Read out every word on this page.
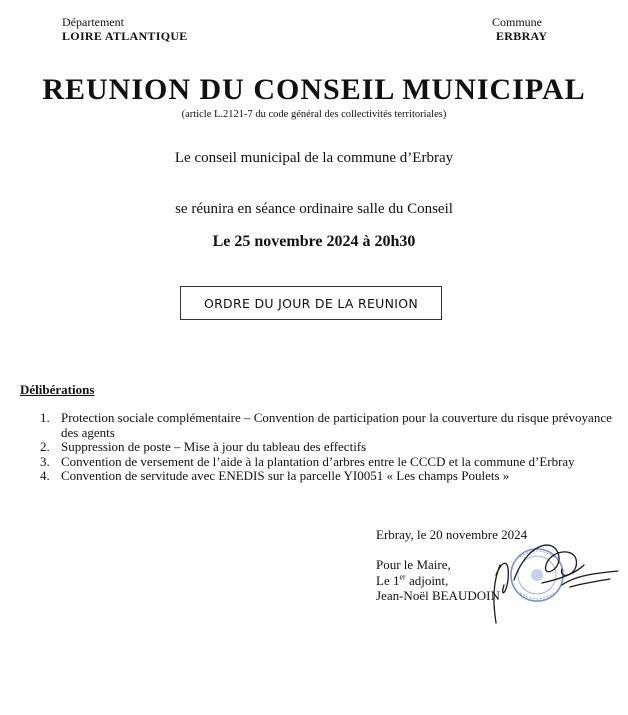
Département
LOIRE ATLANTIQUE
Commune
ERBRAY
REUNION DU CONSEIL MUNICIPAL
(article L.2121-7 du code général des collectivités territoriales)
Le conseil municipal de la commune d’Erbray
se réunira en séance ordinaire salle du Conseil
Le 25 novembre 2024 à 20h30
ORDRE DU JOUR DE LA REUNION
Délibérations
1. Protection sociale complémentaire – Convention de participation pour la couverture du risque prévoyance des agents
2. Suppression de poste – Mise à jour du tableau des effectifs
3. Convention de versement de l’aide à la plantation d’arbres entre le CCCD et la commune d’Erbray
4. Convention de servitude avec ENEDIS sur la parcelle YI0051 « Les champs Poulets »
Erbray, le 20 novembre 2024
Pour le Maire,
Le 1er adjoint,
Jean-Noël BEAUDOIN
